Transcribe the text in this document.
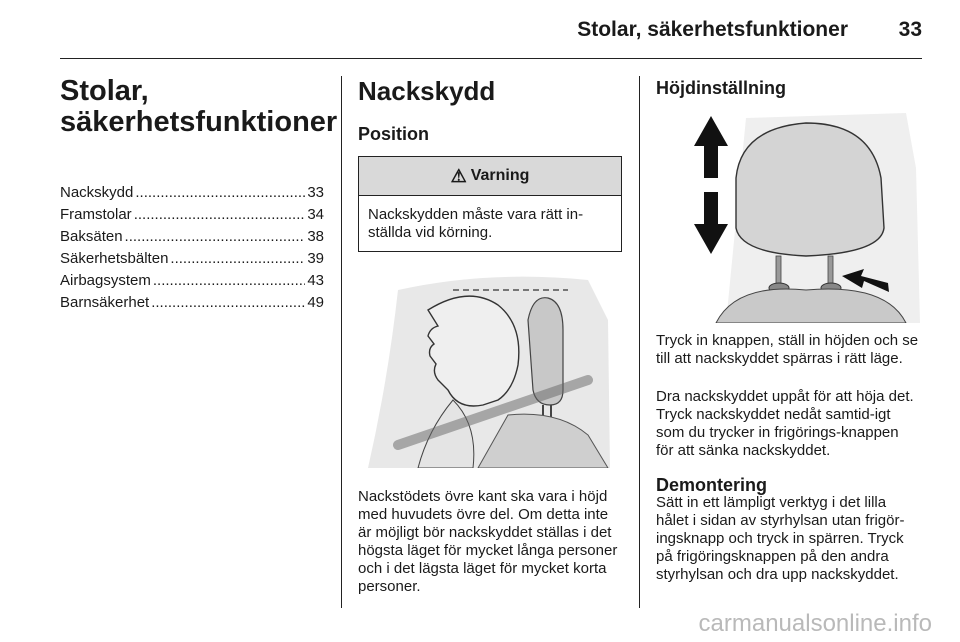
Stolar, säkerhetsfunktioner 33
Stolar, säkerhetsfunktioner
Nackskydd .....	33
Framstolar .....	34
Baksäten .....	38
Säkerhetsbälten .....	39
Airbagsystem .....	43
Barnsäkerhet .....	49
Nackskydd
Position
⚠ Varning
Nackskydden måste vara rätt in-ställda vid körning.

Nackstödets övre kant ska vara i höjd med huvudets övre del. Om detta inte är möjligt bör nackskyddet ställas i det högsta läget för mycket långa personer och i det lägsta läget för mycket korta personer.

Höjdinställning

Tryck in knappen, ställ in höjden och se till att nackskyddet spärras i rätt läge.

Dra nackskyddet uppåt för att höja det. Tryck nackskyddet nedåt samtid-igt som du trycker in frigörings-knappen för att sänka nackskyddet.

Demontering

Sätt in ett lämpligt verktyg i det lilla hålet i sidan av styrhylsan utan frigör-ingsknapp och tryck in spärren. Tryck på frigöringsknappen på den andra styrhylsan och dra upp nackskyddet.

carmanualsonline.info
